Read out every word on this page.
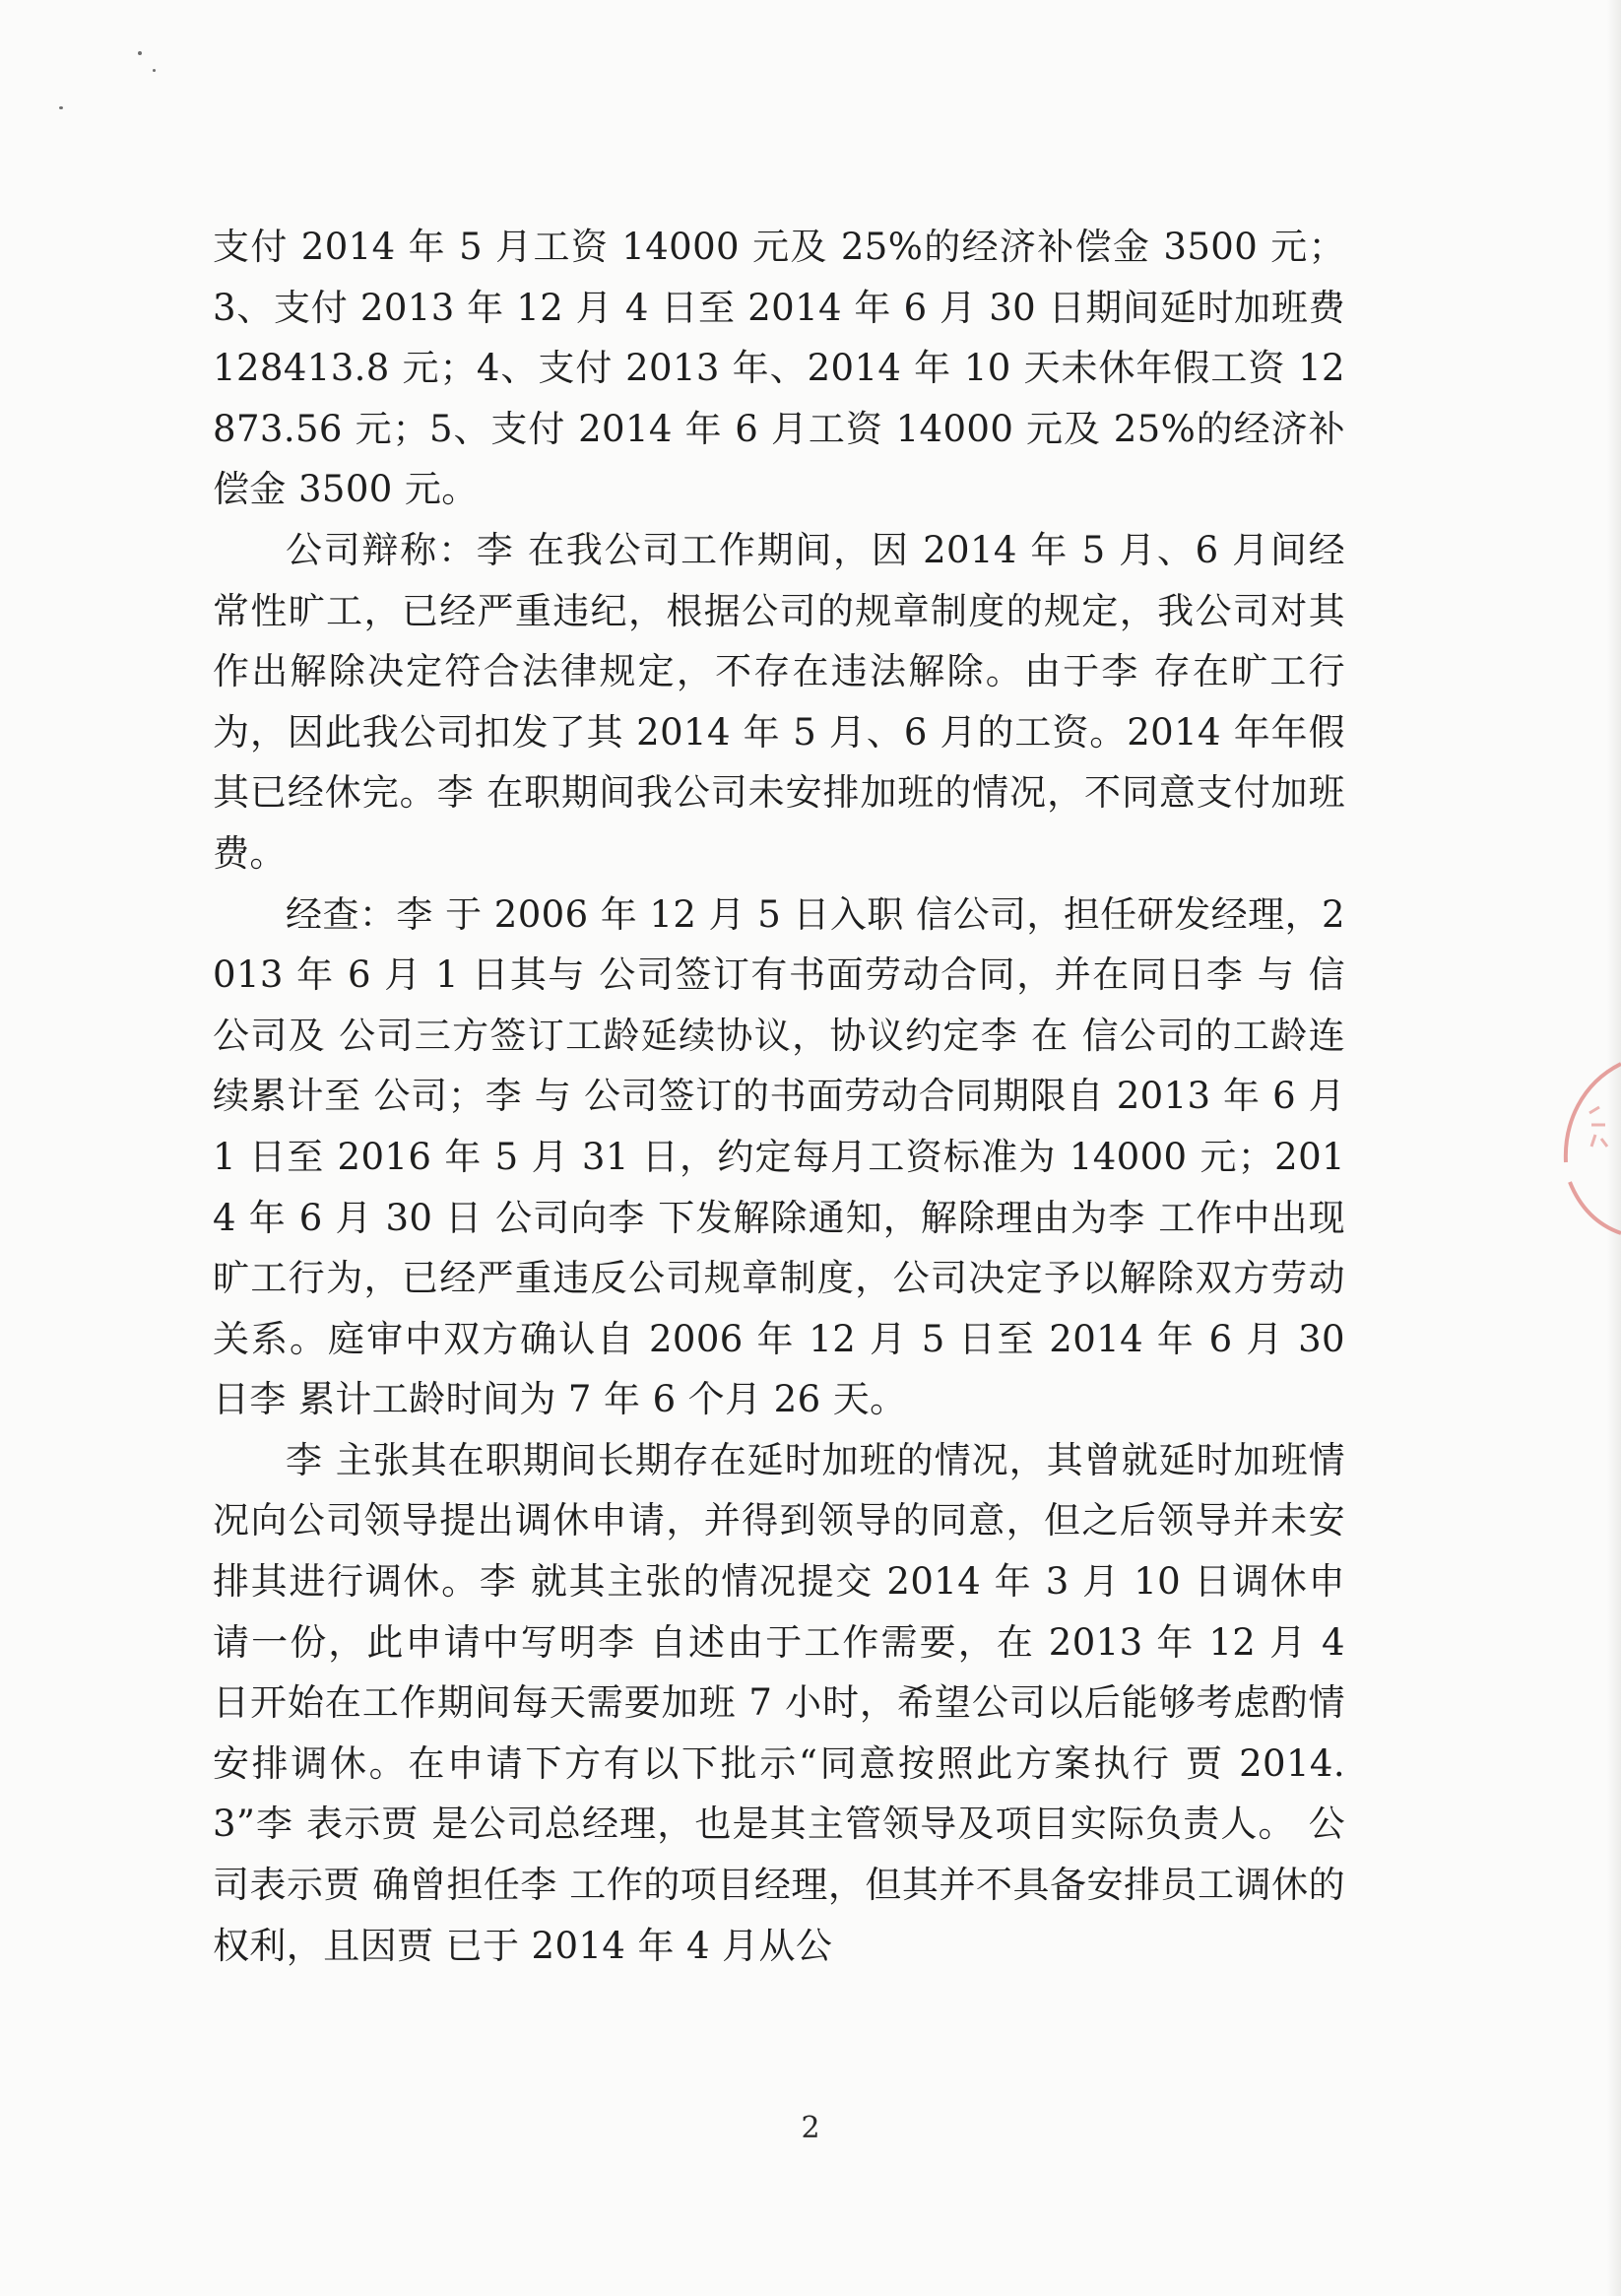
支付 2014 年 5 月工资 14000 元及 25%的经济补偿金 3500 元；3、支付 2013 年 12 月 4 日至 2014 年 6 月 30 日期间延时加班费 128413.8 元；4、支付 2013 年、2014 年 10 天未休年假工资 12873.56 元；5、支付 2014 年 6 月工资 14000 元及 25%的经济补偿金 3500 元。

公司辩称：李 在我公司工作期间，因 2014 年 5 月、6 月间经常性旷工，已经严重违纪，根据公司的规章制度的规定，我公司对其作出解除决定符合法律规定，不存在违法解除。由于李 存在旷工行为，因此我公司扣发了其 2014 年 5 月、6 月的工资。2014 年年假其已经休完。李 在职期间我公司未安排加班的情况，不同意支付加班费。

经查：李 于 2006 年 12 月 5 日入职 信公司，担任研发经理，2013 年 6 月 1 日其与 公司签订有书面劳动合同，并在同日李 与 信公司及 公司三方签订工龄延续协议，协议约定李 在 信公司的工龄连续累计至 公司；李 与 公司签订的书面劳动合同期限自 2013 年 6 月 1 日至 2016 年 5 月 31 日，约定每月工资标准为 14000 元；2014 年 6 月 30 日 公司向李 下发解除通知，解除理由为李 工作中出现旷工行为，已经严重违反公司规章制度，公司决定予以解除双方劳动关系。庭审中双方确认自 2006 年 12 月 5 日至 2014 年 6 月 30 日李 累计工龄时间为 7 年 6 个月 26 天。

李 主张其在职期间长期存在延时加班的情况，其曾就延时加班情况向公司领导提出调休申请，并得到领导的同意，但之后领导并未安排其进行调休。李 就其主张的情况提交 2014 年 3 月 10 日调休申请一份，此申请中写明李 自述由于工作需要，在 2013 年 12 月 4 日开始在工作期间每天需要加班 7 小时，希望公司以后能够考虑酌情安排调休。在申请下方有以下批示“同意按照此方案执行 贾 2014.3”李 表示贾 是公司总经理，也是其主管领导及项目实际负责人。 公司表示贾 确曾担任李 工作的项目经理，但其并不具备安排员工调休的权利，且因贾 已于 2014 年 4 月从公

2
